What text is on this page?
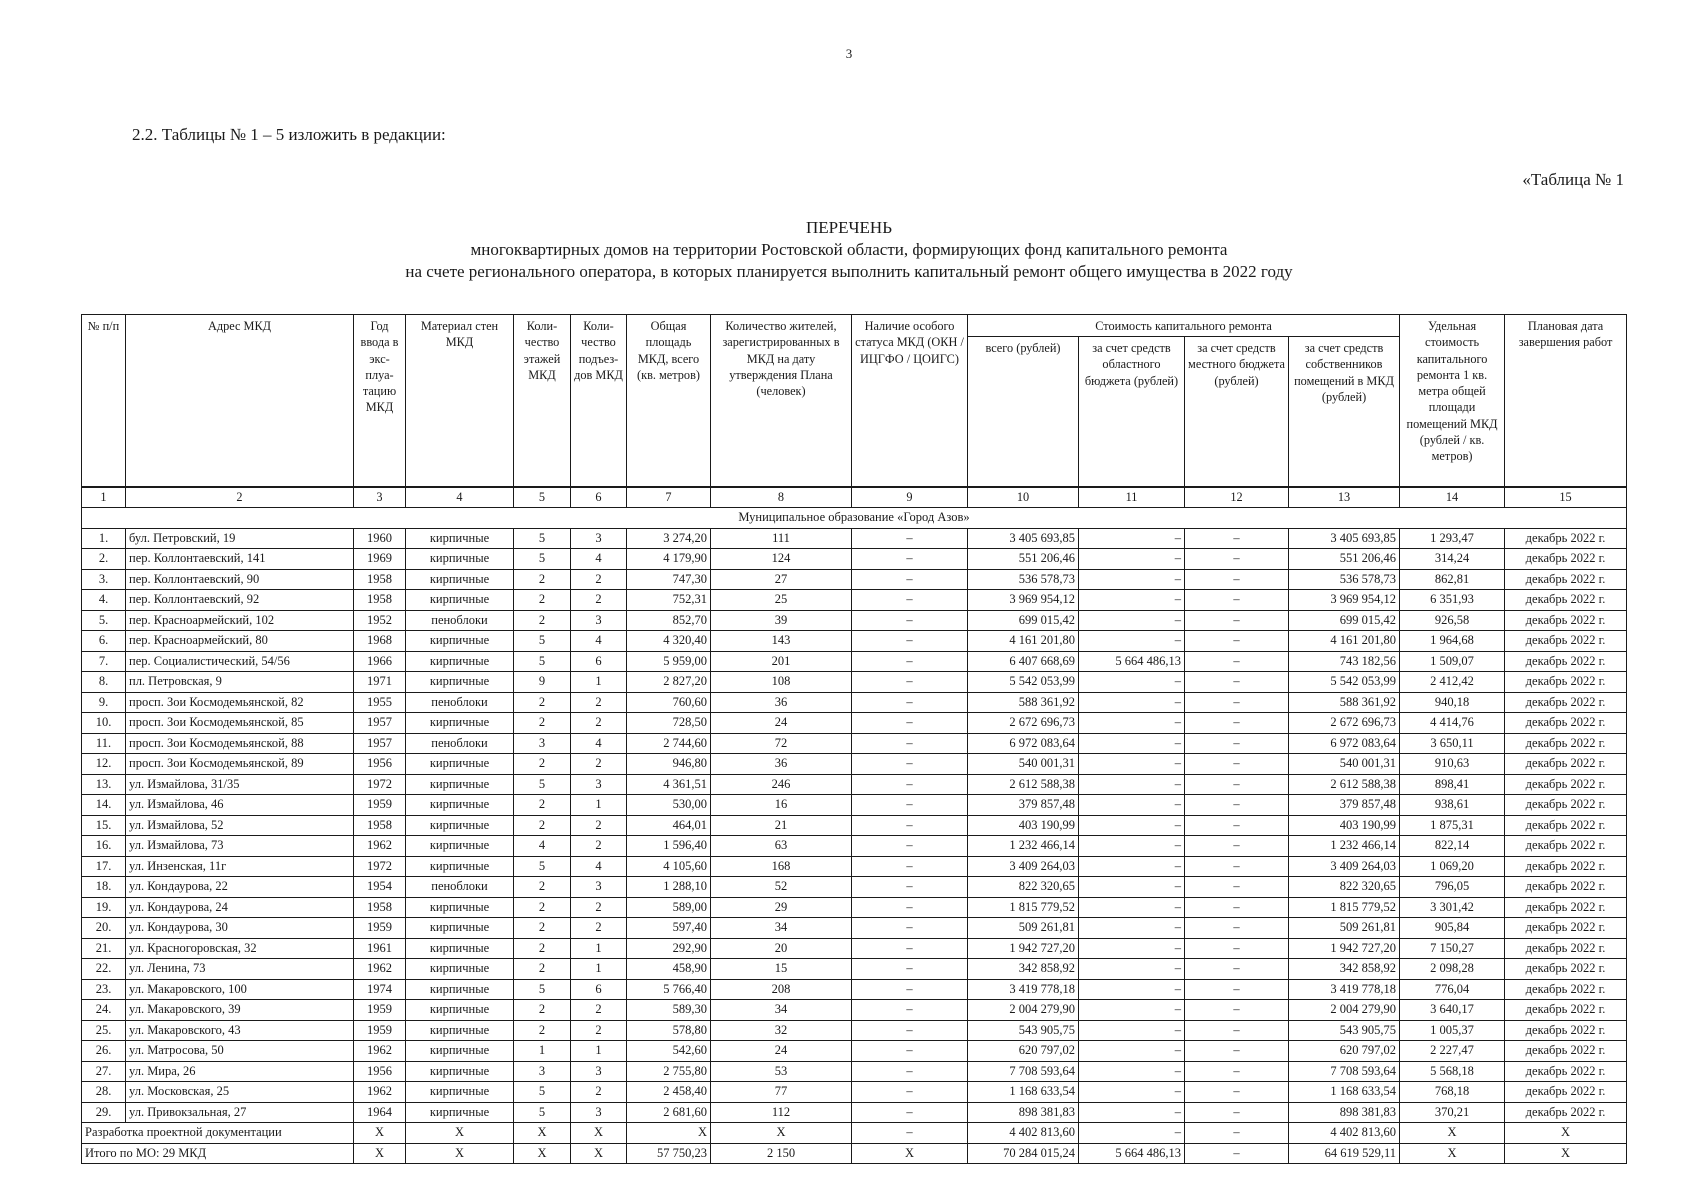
3
2.2. Таблицы № 1 – 5 изложить в редакции:
«Таблица № 1
ПЕРЕЧЕНЬ
многоквартирных домов на территории Ростовской области, формирующих фонд капитального ремонта
на счете регионального оператора, в которых планируется выполнить капитальный ремонт общего имущества в 2022 году
№ п/п	Адрес МКД	Год ввода в экс- плуа- тацию МКД	Материал стен МКД	Коли- чество этажей МКД	Коли- чество подъез- дов МКД	Общая площадь МКД, всего (кв. метров)	Количество жителей, зарегистрированных в МКД на дату утверждения Плана (человек)	Наличие особого статуса МКД (ОКН / ИЦГФО / ЦОИГС)	Стоимость капитального ремонта				Удельная стоимость капитального ремонта 1 кв. метра общей площади помещений МКД (рублей / кв. метров)	Плановая дата завершения работ
									всего (рублей)	за счет средств областного бюджета (рублей)	за счет средств местного бюджета (рублей)	за счет средств собственников помещений в МКД (рублей)		
1	2	3	4	5	6	7	8	9	10	11	12	13	14	15
Муниципальное образование «Город Азов»														
1.	бул. Петровский, 19	1960	кирпичные	5	3	3 274,20	111	–	3 405 693,85	–	–	3 405 693,85	1 293,47	декабрь 2022 г.
2.	пер. Коллонтаевский, 141	1969	кирпичные	5	4	4 179,90	124	–	551 206,46	–	–	551 206,46	314,24	декабрь 2022 г.
3.	пер. Коллонтаевский, 90	1958	кирпичные	2	2	747,30	27	–	536 578,73	–	–	536 578,73	862,81	декабрь 2022 г.
4.	пер. Коллонтаевский, 92	1958	кирпичные	2	2	752,31	25	–	3 969 954,12	–	–	3 969 954,12	6 351,93	декабрь 2022 г.
5.	пер. Красноармейский, 102	1952	пеноблоки	2	3	852,70	39	–	699 015,42	–	–	699 015,42	926,58	декабрь 2022 г.
6.	пер. Красноармейский, 80	1968	кирпичные	5	4	4 320,40	143	–	4 161 201,80	–	–	4 161 201,80	1 964,68	декабрь 2022 г.
7.	пер. Социалистический, 54/56	1966	кирпичные	5	6	5 959,00	201	–	6 407 668,69	5 664 486,13	–	743 182,56	1 509,07	декабрь 2022 г.
8.	пл. Петровская, 9	1971	кирпичные	9	1	2 827,20	108	–	5 542 053,99	–	–	5 542 053,99	2 412,42	декабрь 2022 г.
9.	просп. Зои Космодемьянской, 82	1955	пеноблоки	2	2	760,60	36	–	588 361,92	–	–	588 361,92	940,18	декабрь 2022 г.
10.	просп. Зои Космодемьянской, 85	1957	кирпичные	2	2	728,50	24	–	2 672 696,73	–	–	2 672 696,73	4 414,76	декабрь 2022 г.
11.	просп. Зои Космодемьянской, 88	1957	пеноблоки	3	4	2 744,60	72	–	6 972 083,64	–	–	6 972 083,64	3 650,11	декабрь 2022 г.
12.	просп. Зои Космодемьянской, 89	1956	кирпичные	2	2	946,80	36	–	540 001,31	–	–	540 001,31	910,63	декабрь 2022 г.
13.	ул. Измайлова, 31/35	1972	кирпичные	5	3	4 361,51	246	–	2 612 588,38	–	–	2 612 588,38	898,41	декабрь 2022 г.
14.	ул. Измайлова, 46	1959	кирпичные	2	1	530,00	16	–	379 857,48	–	–	379 857,48	938,61	декабрь 2022 г.
15.	ул. Измайлова, 52	1958	кирпичные	2	2	464,01	21	–	403 190,99	–	–	403 190,99	1 875,31	декабрь 2022 г.
16.	ул. Измайлова, 73	1962	кирпичные	4	2	1 596,40	63	–	1 232 466,14	–	–	1 232 466,14	822,14	декабрь 2022 г.
17.	ул. Инзенская, 11г	1972	кирпичные	5	4	4 105,60	168	–	3 409 264,03	–	–	3 409 264,03	1 069,20	декабрь 2022 г.
18.	ул. Кондаурова, 22	1954	пеноблоки	2	3	1 288,10	52	–	822 320,65	–	–	822 320,65	796,05	декабрь 2022 г.
19.	ул. Кондаурова, 24	1958	кирпичные	2	2	589,00	29	–	1 815 779,52	–	–	1 815 779,52	3 301,42	декабрь 2022 г.
20.	ул. Кондаурова, 30	1959	кирпичные	2	2	597,40	34	–	509 261,81	–	–	509 261,81	905,84	декабрь 2022 г.
21.	ул. Красногоровская, 32	1961	кирпичные	2	1	292,90	20	–	1 942 727,20	–	–	1 942 727,20	7 150,27	декабрь 2022 г.
22.	ул. Ленина, 73	1962	кирпичные	2	1	458,90	15	–	342 858,92	–	–	342 858,92	2 098,28	декабрь 2022 г.
23.	ул. Макаровского, 100	1974	кирпичные	5	6	5 766,40	208	–	3 419 778,18	–	–	3 419 778,18	776,04	декабрь 2022 г.
24.	ул. Макаровского, 39	1959	кирпичные	2	2	589,30	34	–	2 004 279,90	–	–	2 004 279,90	3 640,17	декабрь 2022 г.
25.	ул. Макаровского, 43	1959	кирпичные	2	2	578,80	32	–	543 905,75	–	–	543 905,75	1 005,37	декабрь 2022 г.
26.	ул. Матросова, 50	1962	кирпичные	1	1	542,60	24	–	620 797,02	–	–	620 797,02	2 227,47	декабрь 2022 г.
27.	ул. Мира, 26	1956	кирпичные	3	3	2 755,80	53	–	7 708 593,64	–	–	7 708 593,64	5 568,18	декабрь 2022 г.
28.	ул. Московская, 25	1962	кирпичные	5	2	2 458,40	77	–	1 168 633,54	–	–	1 168 633,54	768,18	декабрь 2022 г.
29.	ул. Привокзальная, 27	1964	кирпичные	5	3	2 681,60	112	–	898 381,83	–	–	898 381,83	370,21	декабрь 2022 г.
Разработка проектной документации		X	X	X	X	X	X	–	4 402 813,60	–	–	4 402 813,60	X	X
Итого по МО: 29 МКД		X	X	X	X	57 750,23	2 150	X	70 284 015,24	5 664 486,13	–	64 619 529,11	X	X
